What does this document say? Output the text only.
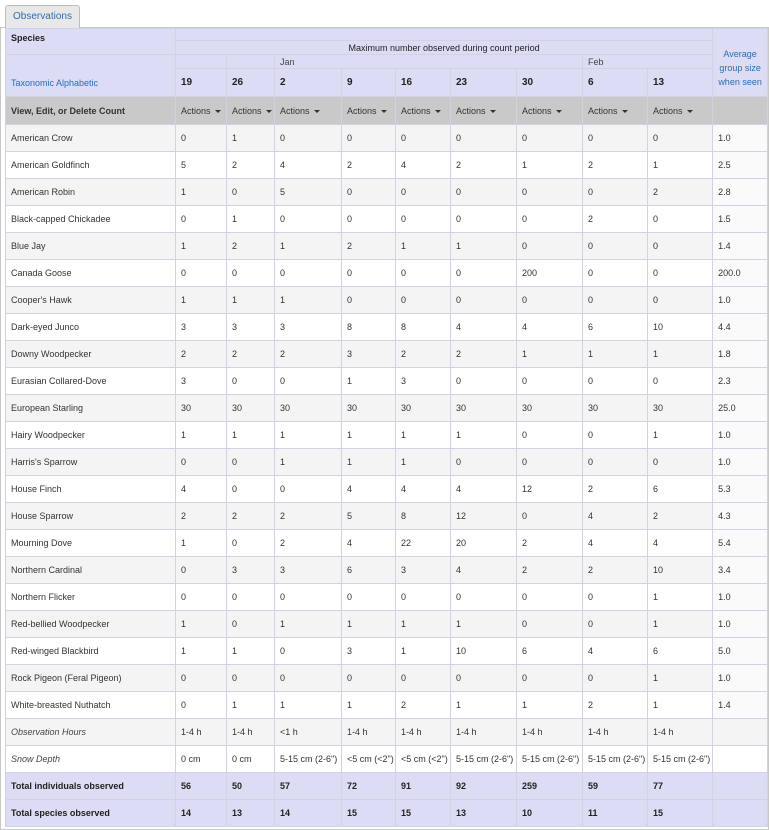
Observations
Species										Average group size when seen
	Maximum number observed during count period									
Taxonomic Alphabetic			Jan					Feb		
	19	26	2	9	16	23	30	6	13	
View, Edit, or Delete Count	Actions	Actions	Actions	Actions	Actions	Actions	Actions	Actions	Actions	
American Crow	0	1	0	0	0	0	0	0	0	1.0
American Goldfinch	5	2	4	2	4	2	1	2	1	2.5
American Robin	1	0	5	0	0	0	0	0	2	2.8
Black-capped Chickadee	0	1	0	0	0	0	0	2	0	1.5
Blue Jay	1	2	1	2	1	1	0	0	0	1.4
Canada Goose	0	0	0	0	0	0	200	0	0	200.0
Cooper's Hawk	1	1	1	0	0	0	0	0	0	1.0
Dark-eyed Junco	3	3	3	8	8	4	4	6	10	4.4
Downy Woodpecker	2	2	2	3	2	2	1	1	1	1.8
Eurasian Collared-Dove	3	0	0	1	3	0	0	0	0	2.3
European Starling	30	30	30	30	30	30	30	30	30	25.0
Hairy Woodpecker	1	1	1	1	1	1	0	0	1	1.0
Harris's Sparrow	0	0	1	1	1	0	0	0	0	1.0
House Finch	4	0	0	4	4	4	12	2	6	5.3
House Sparrow	2	2	2	5	8	12	0	4	2	4.3
Mourning Dove	1	0	2	4	22	20	2	4	4	5.4
Northern Cardinal	0	3	3	6	3	4	2	2	10	3.4
Northern Flicker	0	0	0	0	0	0	0	0	1	1.0
Red-bellied Woodpecker	1	0	1	1	1	1	0	0	1	1.0
Red-winged Blackbird	1	1	0	3	1	10	6	4	6	5.0
Rock Pigeon (Feral Pigeon)	0	0	0	0	0	0	0	0	1	1.0
White-breasted Nuthatch	0	1	1	1	2	1	1	2	1	1.4
Observation Hours	1-4 h	1-4 h	<1 h	1-4 h	1-4 h	1-4 h	1-4 h	1-4 h	1-4 h	
Snow Depth	0 cm	0 cm	5-15 cm (2-6")	<5 cm (<2")	<5 cm (<2")	5-15 cm (2-6")	5-15 cm (2-6")	5-15 cm (2-6")	5-15 cm (2-6")	
Total individuals observed	56	50	57	72	91	92	259	59	77	
Total species observed	14	13	14	15	15	13	10	11	15	
